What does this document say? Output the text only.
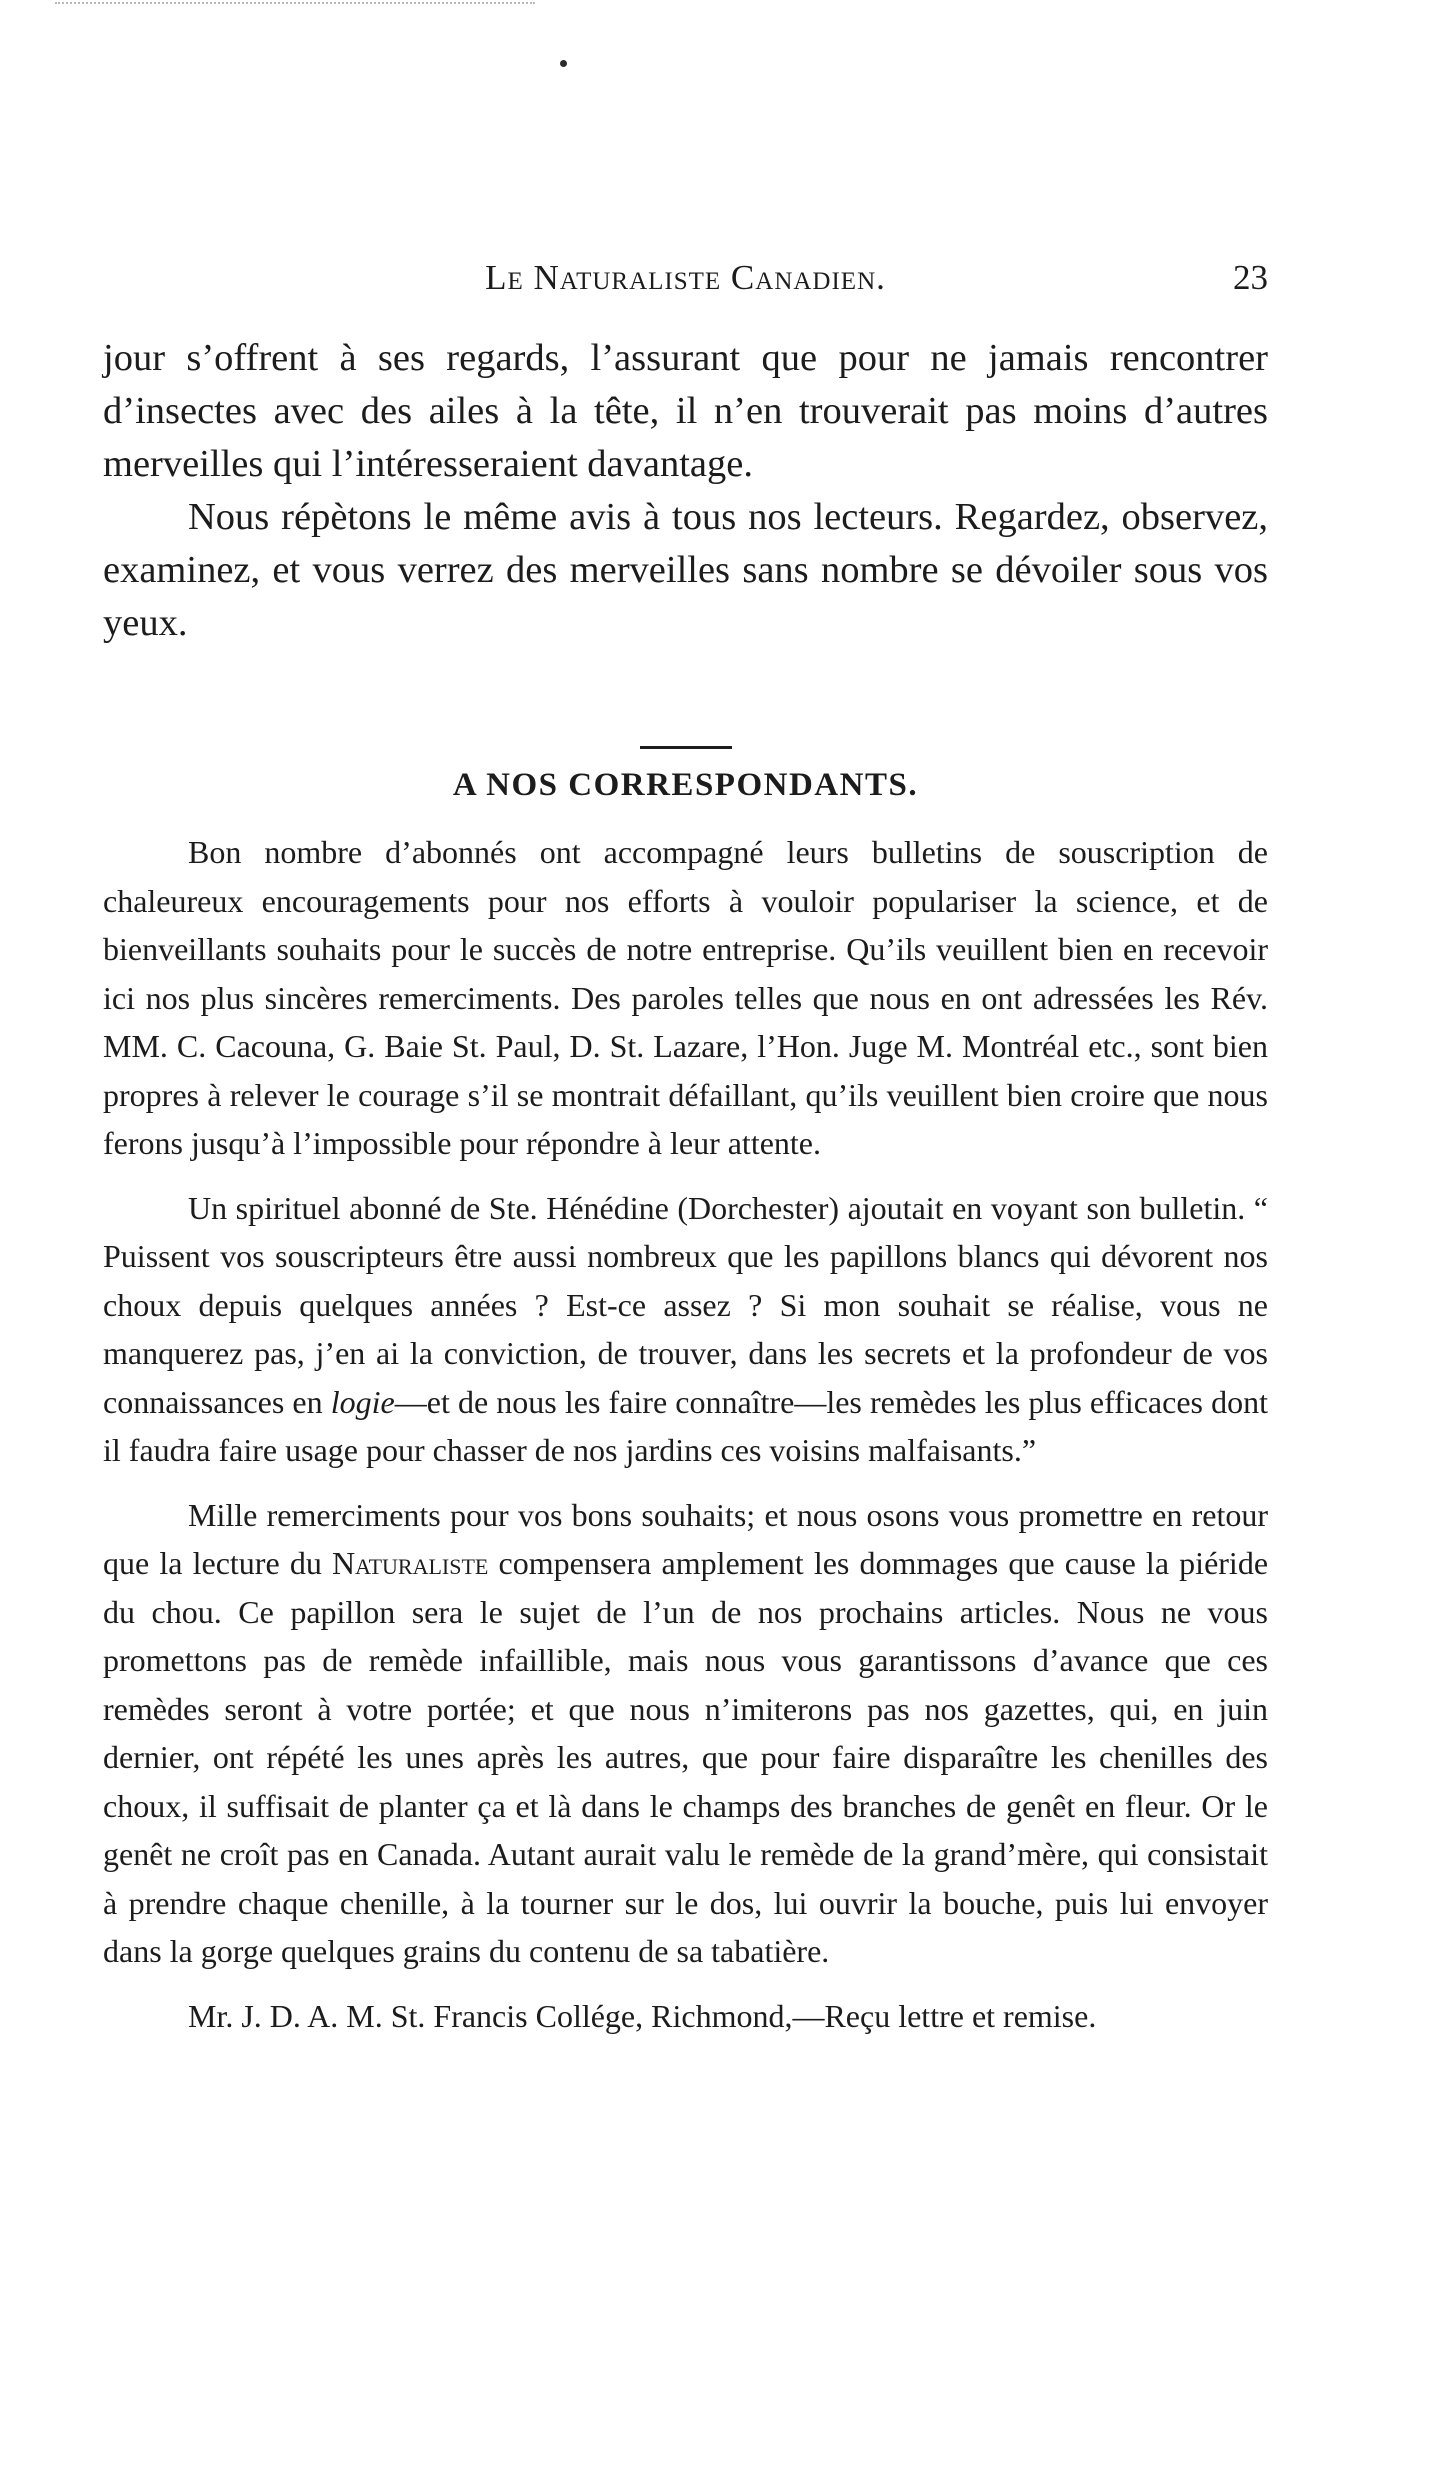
Le Naturaliste Canadien.	23

jour s’offrent à ses regards, l’assurant que pour ne jamais rencontrer d’insectes avec des ailes à la tête, il n’en trouverait pas moins d’autres merveilles qui l’intéresseraient davantage.

Nous répètons le même avis à tous nos lecteurs. Regardez, observez, examinez, et vous verrez des merveilles sans nombre se dévoiler sous vos yeux.

A NOS CORRESPONDANTS.

Bon nombre d’abonnés ont accompagné leurs bulletins de souscription de chaleureux encouragements pour nos efforts à vouloir populariser la science, et de bienveillants souhaits pour le succès de notre entreprise. Qu’ils veuillent bien en recevoir ici nos plus sincères remerciments. Des paroles telles que nous en ont adressées les Rév. MM. C. Cacouna, G. Baie St. Paul, D. St. Lazare, l’Hon. Juge M. Montréal etc., sont bien propres à relever le courage s’il se montrait défaillant, qu’ils veuillent bien croire que nous ferons jusqu’à l’impossible pour répondre à leur attente.

Un spirituel abonné de Ste. Hénédine (Dorchester) ajoutait en voyant son bulletin. “ Puissent vos souscripteurs être aussi nombreux que les papillons blancs qui dévorent nos choux depuis quelques années ? Est-ce assez ? Si mon souhait se réalise, vous ne manquerez pas, j’en ai la conviction, de trouver, dans les secrets et la profondeur de vos connaissances en logie—et de nous les faire connaître—les remèdes les plus efficaces dont il faudra faire usage pour chasser de nos jardins ces voisins malfaisants.”

Mille remerciments pour vos bons souhaits; et nous osons vous promettre en retour que la lecture du Naturaliste compensera amplement les dommages que cause la piéride du chou. Ce papillon sera le sujet de l’un de nos prochains articles. Nous ne vous promettons pas de remède infaillible, mais nous vous garantissons d’avance que ces remèdes seront à votre portée; et que nous n’imiterons pas nos gazettes, qui, en juin dernier, ont répété les unes après les autres, que pour faire disparaître les chenilles des choux, il suffisait de planter ça et là dans le champs des branches de genêt en fleur. Or le genêt ne croît pas en Canada. Autant aurait valu le remède de la grand’mère, qui consistait à prendre chaque chenille, à la tourner sur le dos, lui ouvrir la bouche, puis lui envoyer dans la gorge quelques grains du contenu de sa tabatière.

Mr. J. D. A. M. St. Francis Collége, Richmond,—Reçu lettre et remise.
